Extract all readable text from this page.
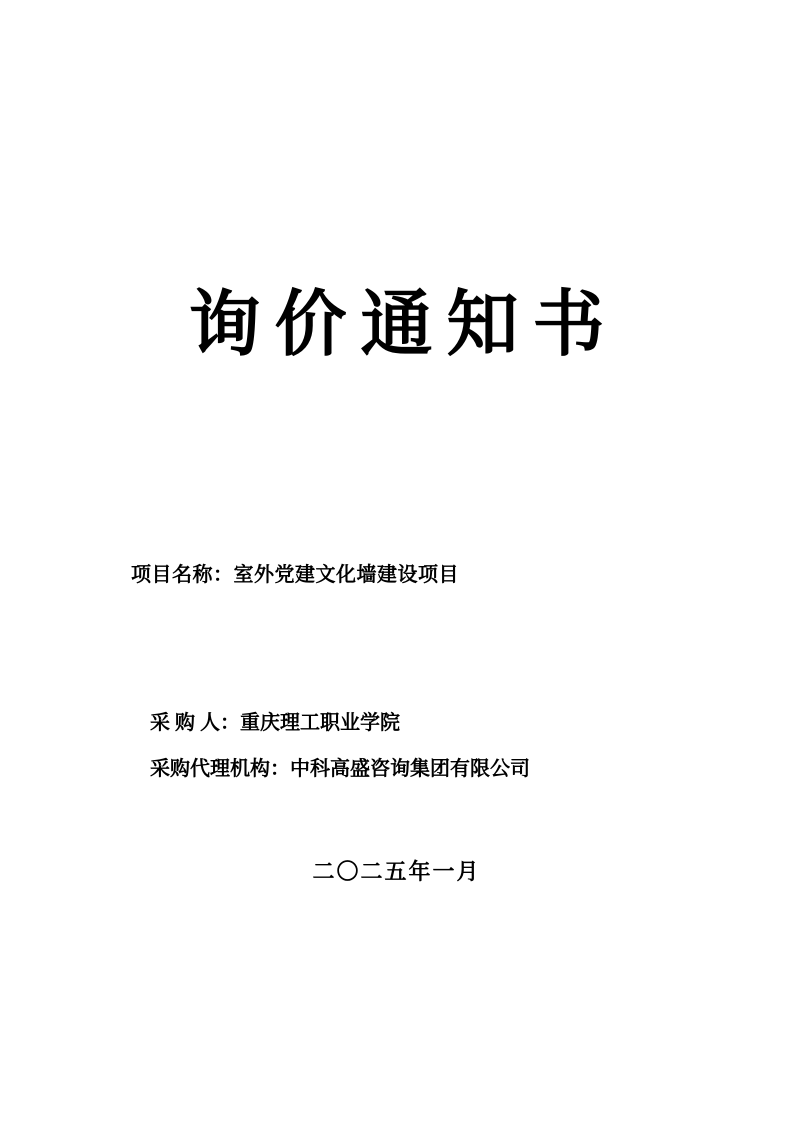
询价通知书
项目名称：室外党建文化墙建设项目
采 购 人：重庆理工职业学院
采购代理机构：中科高盛咨询集团有限公司
二〇二五年一月
